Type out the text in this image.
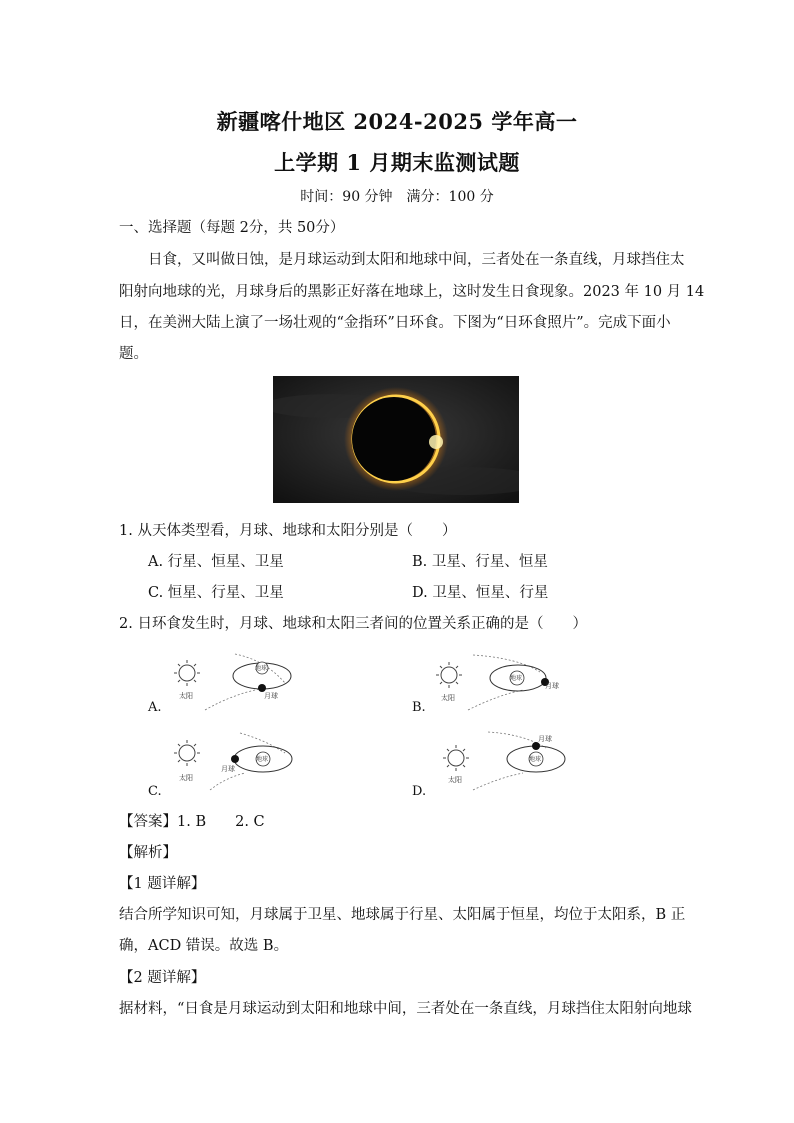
新疆喀什地区 2024-2025 学年高一
上学期 1 月期末监测试题
时间：90 分钟　满分：100 分
一、选择题（每题 2分，共 50分）
日食，又叫做日蚀，是月球运动到太阳和地球中间，三者处在一条直线，月球挡住太
阳射向地球的光，月球身后的黑影正好落在地球上，这时发生日食现象。2023 年 10 月 14
日，在美洲大陆上演了一场壮观的“金指环”日环食。下图为“日环食照片”。完成下面小
题。
1. 从天体类型看，月球、地球和太阳分别是（　　）
A. 行星、恒星、卫星	B. 卫星、行星、恒星
C. 恒星、行星、卫星	D. 卫星、恒星、行星
2. 日环食发生时，月球、地球和太阳三者间的位置关系正确的是（　　）
太阳
地球
月球
A.
太阳
地球
月球
B.
太阳
地球
月球
C.
太阳
地球
月球
D.
【答案】1. B　　2. C
【解析】
【1 题详解】
结合所学知识可知，月球属于卫星、地球属于行星、太阳属于恒星，均位于太阳系，B 正
确，ACD 错误。故选 B。
【2 题详解】
据材料，“日食是月球运动到太阳和地球中间，三者处在一条直线，月球挡住太阳射向地球
